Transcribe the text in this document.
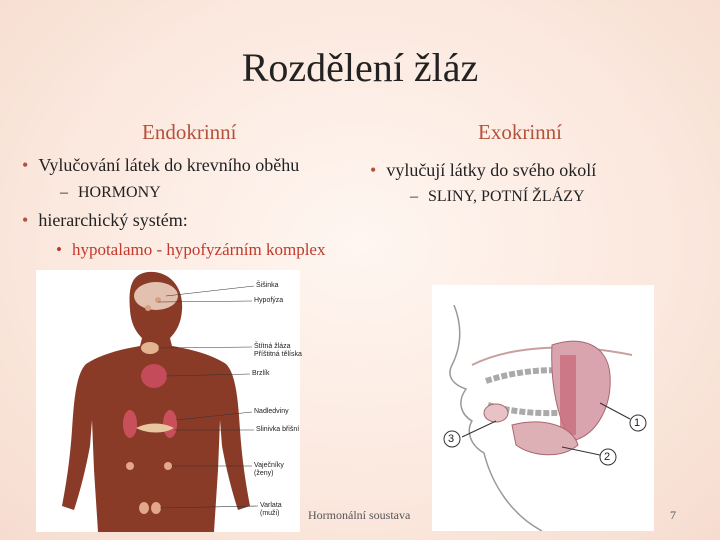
Rozdělení žláz
Endokrinní
• Vylučování látek do krevního oběhu
– HORMONY
• hierarchický systém:
• hypotalamo - hypofyzárním komplex
Exokrinní
• vylučují látky do svého okolí
– SLINY, POTNÍ ŽLÁZY
Šišinka
Hypofýza
Štítná žláza
Příštitná tělíska
Brzlík
Nadledviny
Slinivka břišní
Vaječníky
(ženy)
Varlata
(muži)
1
2
3
Hormonální soustava	7
